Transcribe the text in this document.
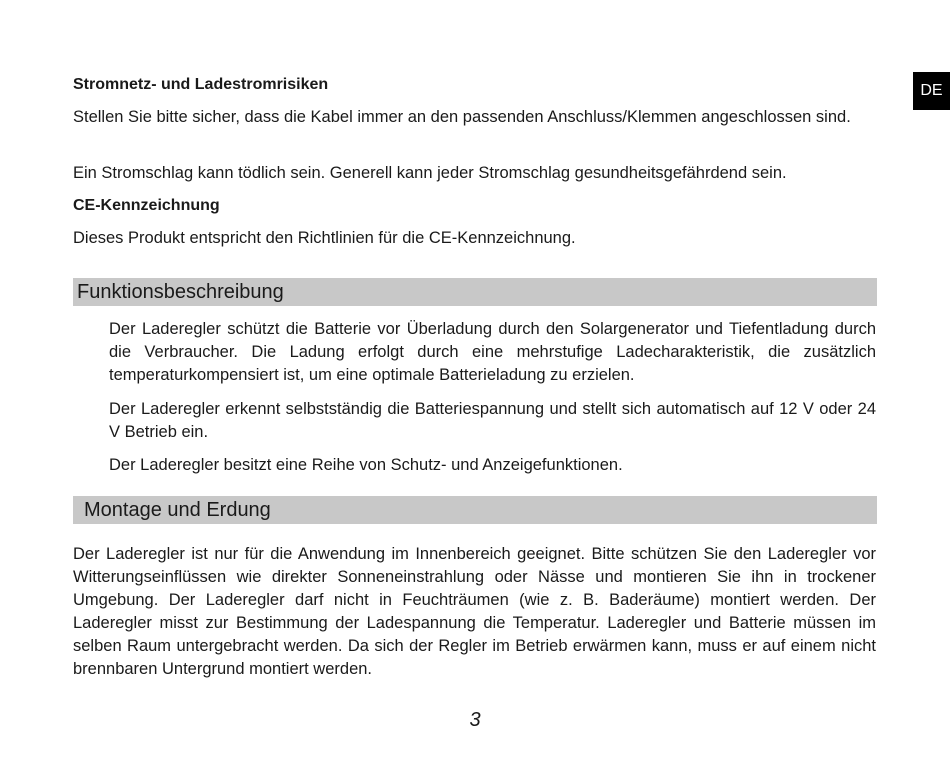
DE
Stromnetz- und Ladestromrisiken
Stellen Sie bitte sicher, dass die Kabel immer an den passenden Anschluss/Klemmen angeschlossen sind.
Ein Stromschlag kann tödlich sein. Generell kann jeder Stromschlag gesundheitsgefährdend sein.
CE-Kennzeichnung
Dieses Produkt entspricht den Richtlinien für die CE-Kennzeichnung.
Funktionsbeschreibung
Der Laderegler schützt die Batterie vor Überladung durch den Solargenerator und Tiefentladung durch die Verbraucher. Die Ladung erfolgt durch eine mehrstufige Ladecharakteristik, die zusätzlich temperaturkompensiert ist, um eine optimale Batterieladung zu erzielen.
Der Laderegler erkennt selbstständig die Batteriespannung und stellt sich automatisch auf 12 V oder 24 V Betrieb ein.
Der Laderegler besitzt eine Reihe von Schutz- und Anzeigefunktionen.
Montage und Erdung
Der Laderegler ist nur für die Anwendung im Innenbereich geeignet. Bitte schützen Sie den Laderegler vor Witterungseinflüssen wie direkter Sonneneinstrahlung oder Nässe und montieren Sie ihn in trockener Umgebung. Der Laderegler darf nicht in Feuchträumen (wie z. B. Baderäume) montiert werden. Der Laderegler misst zur Bestimmung der Ladespannung die Temperatur. Laderegler und Batterie müssen im selben Raum untergebracht werden. Da sich der Regler im Betrieb erwärmen kann, muss er auf einem nicht brennbaren Untergrund montiert werden.
3
